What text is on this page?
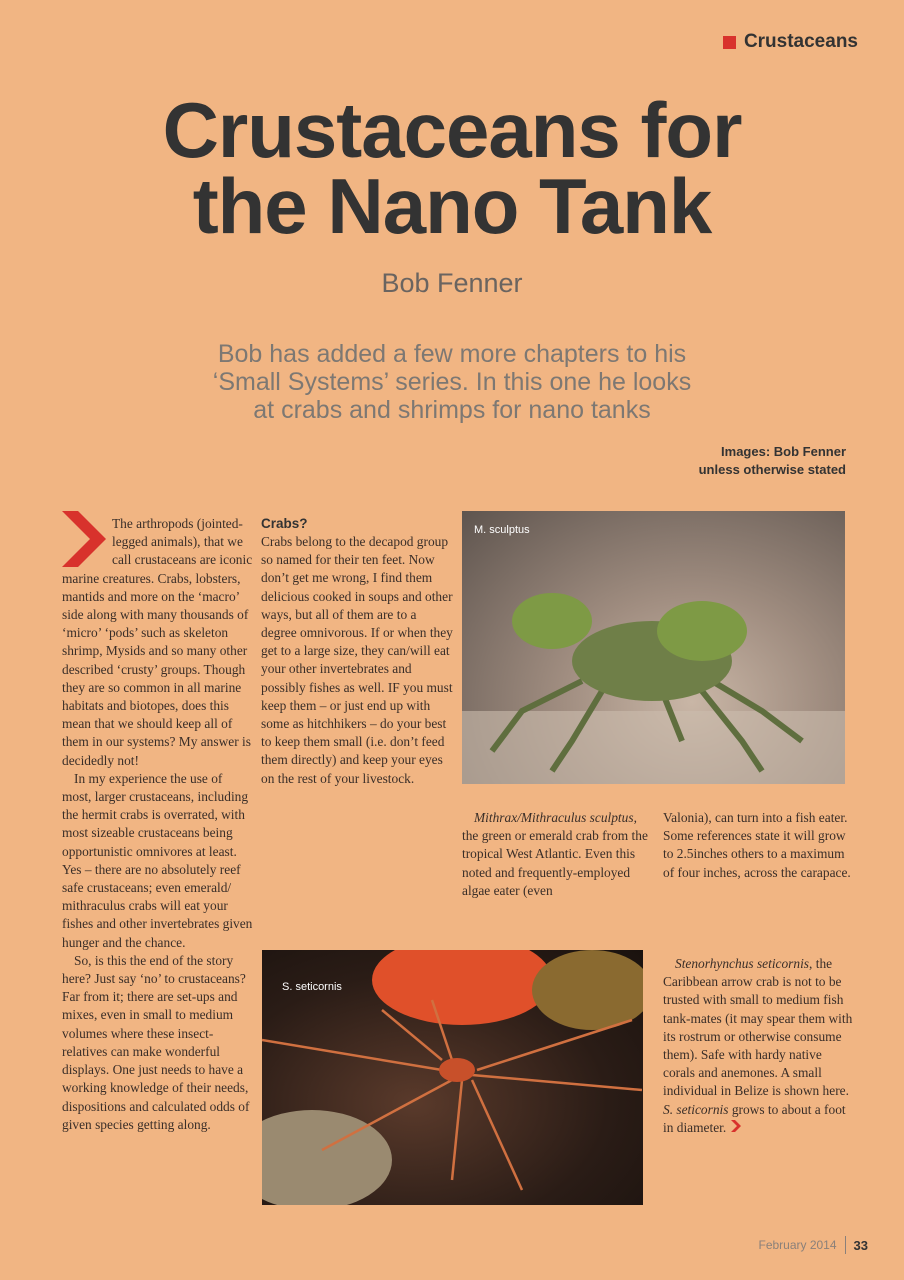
Crustaceans
Crustaceans for
the Nano Tank
Bob Fenner
Bob has added a few more chapters to his
‘Small Systems’ series. In this one he looks
at crabs and shrimps for nano tanks
Images: Bob Fenner
unless otherwise stated

The arthropods (jointed-legged animals), that we call crustaceans are iconic marine creatures. Crabs, lobsters, mantids and more on the ‘macro’ side along with many thousands of ‘micro’ ‘pods’ such as skeleton shrimp, Mysids and so many other described ‘crusty’ groups. Though they are so common in all marine habitats and biotopes, does this mean that we should keep all of them in our systems? My answer is decidedly not!

In my experience the use of most, larger crustaceans, including the hermit crabs is overrated, with most sizeable crustaceans being opportunistic omnivores at least. Yes – there are no absolutely reef safe crustaceans; even emerald/ mithraculus crabs will eat your fishes and other invertebrates given hunger and the chance.

So, is this the end of the story here? Just say ‘no’ to crustaceans? Far from it; there are set-ups and mixes, even in small to medium volumes where these insect-relatives can make wonderful displays. One just needs to have a working knowledge of their needs, dispositions and calculated odds of given species getting along.

Crabs?

Crabs belong to the decapod group so named for their ten feet. Now don’t get me wrong, I find them delicious cooked in soups and other ways, but all of them are to a degree omnivorous. If or when they get to a large size, they can/will eat your other invertebrates and possibly fishes as well. IF you must keep them – or just end up with some as hitchhikers – do your best to keep them small (i.e. don’t feed them directly) and keep your eyes on the rest of your livestock.

M. sculptus

Mithrax/Mithraculus sculptus, the green or emerald crab from the tropical West Atlantic. Even this noted and frequently-employed algae eater (even

Valonia), can turn into a fish eater. Some references state it will grow to 2.5inches others to a maximum of four inches, across the carapace.

S. seticornis

Stenorhynchus seticornis, the Caribbean arrow crab is not to be trusted with small to medium fish tank-mates (it may spear them with its rostrum or otherwise consume them). Safe with hardy native corals and anemones. A small individual in Belize is shown here.

S. seticornis grows to about a foot in diameter.

February 2014 33
